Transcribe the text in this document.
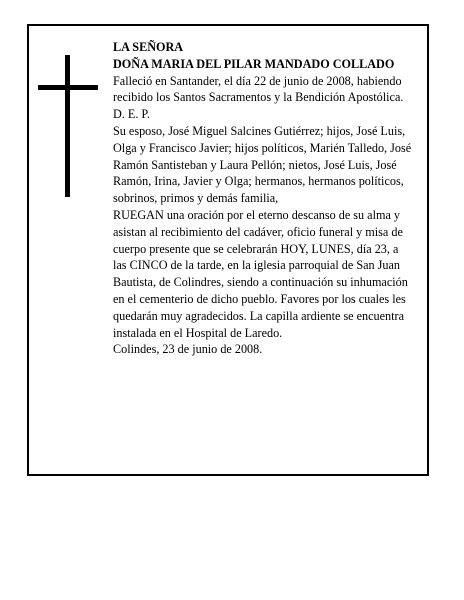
LA SEÑORA

DOÑA MARIA DEL PILAR MANDADO COLLADO

Falleció en Santander, el día 22 de junio de 2008, habiendo recibido los Santos Sacramentos y la Bendición Apostólica.

D. E. P.

Su esposo, José Miguel Salcines Gutiérrez; hijos, José Luis, Olga y Francisco Javier; hijos políticos, Marién Talledo, José Ramón Santisteban y Laura Pellón; nietos, José Luis, José Ramón, Irina, Javier y Olga; hermanos, hermanos políticos, sobrinos, primos y demás familia,

RUEGAN una oración por el eterno descanso de su alma y asistan al recibimiento del cadáver, oficio funeral y misa de cuerpo presente que se celebrarán HOY, LUNES, día 23, a las CINCO de la tarde, en la iglesia parroquial de San Juan Bautista, de Colindres, siendo a continuación su inhumación en el cementerio de dicho pueblo. Favores por los cuales les quedarán muy agradecidos. La capilla ardiente se encuentra instalada en el Hospital de Laredo.

Colindes, 23 de junio de 2008.
